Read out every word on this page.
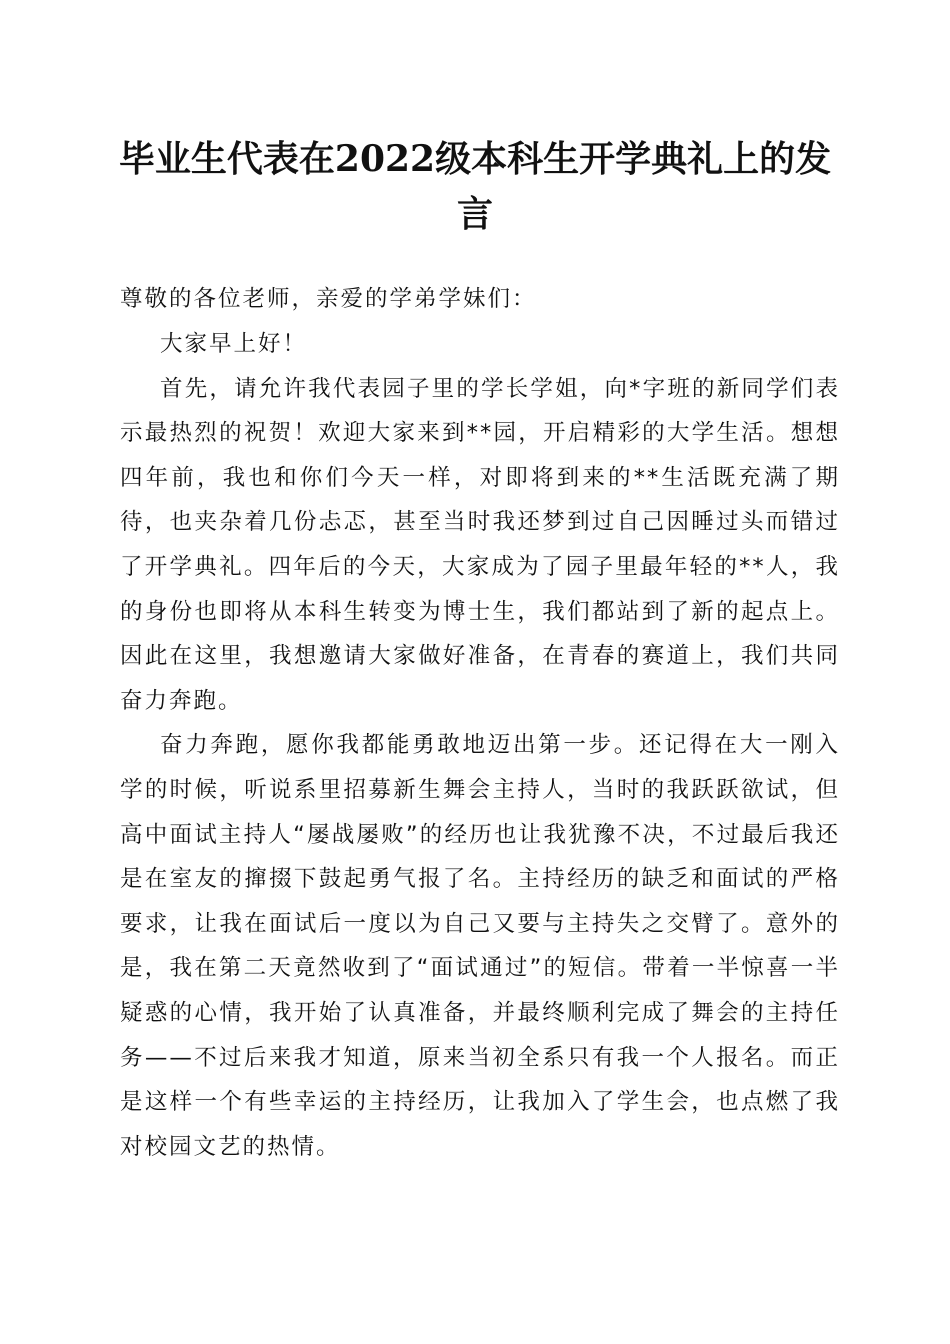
毕业生代表在2022级本科生开学典礼上的发言

尊敬的各位老师，亲爱的学弟学妹们：

大家早上好！

首先，请允许我代表园子里的学长学姐，向*字班的新同学们表示最热烈的祝贺！欢迎大家来到**园，开启精彩的大学生活。想想四年前，我也和你们今天一样，对即将到来的**生活既充满了期待，也夹杂着几份忐忑，甚至当时我还梦到过自己因睡过头而错过了开学典礼。四年后的今天，大家成为了园子里最年轻的**人，我的身份也即将从本科生转变为博士生，我们都站到了新的起点上。因此在这里，我想邀请大家做好准备，在青春的赛道上，我们共同奋力奔跑。

奋力奔跑，愿你我都能勇敢地迈出第一步。还记得在大一刚入学的时候，听说系里招募新生舞会主持人，当时的我跃跃欲试，但高中面试主持人“屡战屡败”的经历也让我犹豫不决，不过最后我还是在室友的撺掇下鼓起勇气报了名。主持经历的缺乏和面试的严格要求，让我在面试后一度以为自己又要与主持失之交臂了。意外的是，我在第二天竟然收到了“面试通过”的短信。带着一半惊喜一半疑惑的心情，我开始了认真准备，并最终顺利完成了舞会的主持任务——不过后来我才知道，原来当初全系只有我一个人报名。而正是这样一个有些幸运的主持经历，让我加入了学生会，也点燃了我对校园文艺的热情。
